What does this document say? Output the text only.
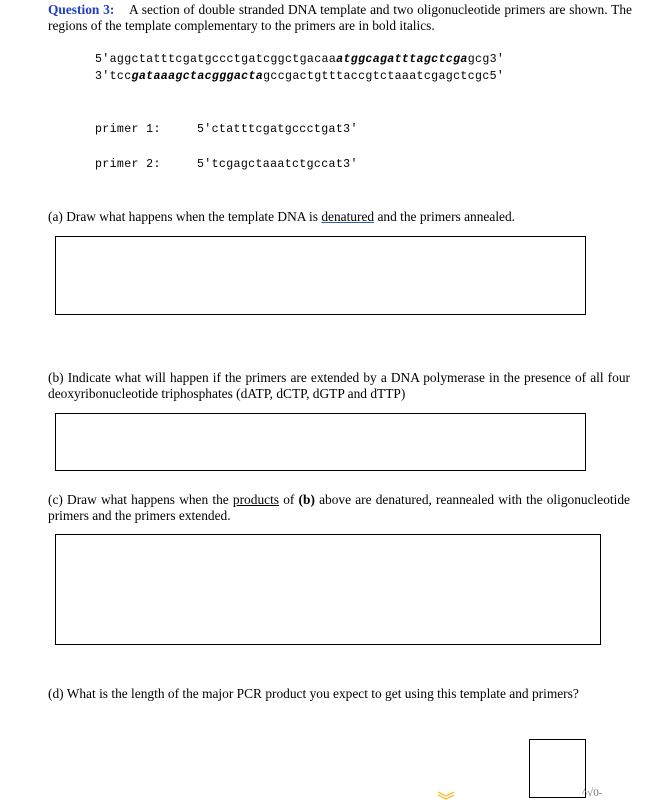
Question 3: A section of double stranded DNA template and two oligonucleotide primers are shown. The regions of the template complementary to the primers are in bold italics.
5'aggctatttcgatgccctgatcggctgacaaatggcagatttagctcgagcg3'
3'tccgataaagctacgggactagccgactgtttaccgtctaaatcgagctcgc5'
primer 1:	5'ctatttcgatgccctgat3'
primer 2:	5'tcgagctaaatctgccat3'
(a) Draw what happens when the template DNA is denatured and the primers annealed.
(b) Indicate what will happen if the primers are extended by a DNA polymerase in the presence of all four deoxyribonucleotide triphosphates (dATP, dCTP, dGTP and dTTP)
(c) Draw what happens when the products of (b) above are denatured, reannealed with the oligonucleotide primers and the primers extended.
(d) What is the length of the major PCR product you expect to get using this template and primers?
^√0-
